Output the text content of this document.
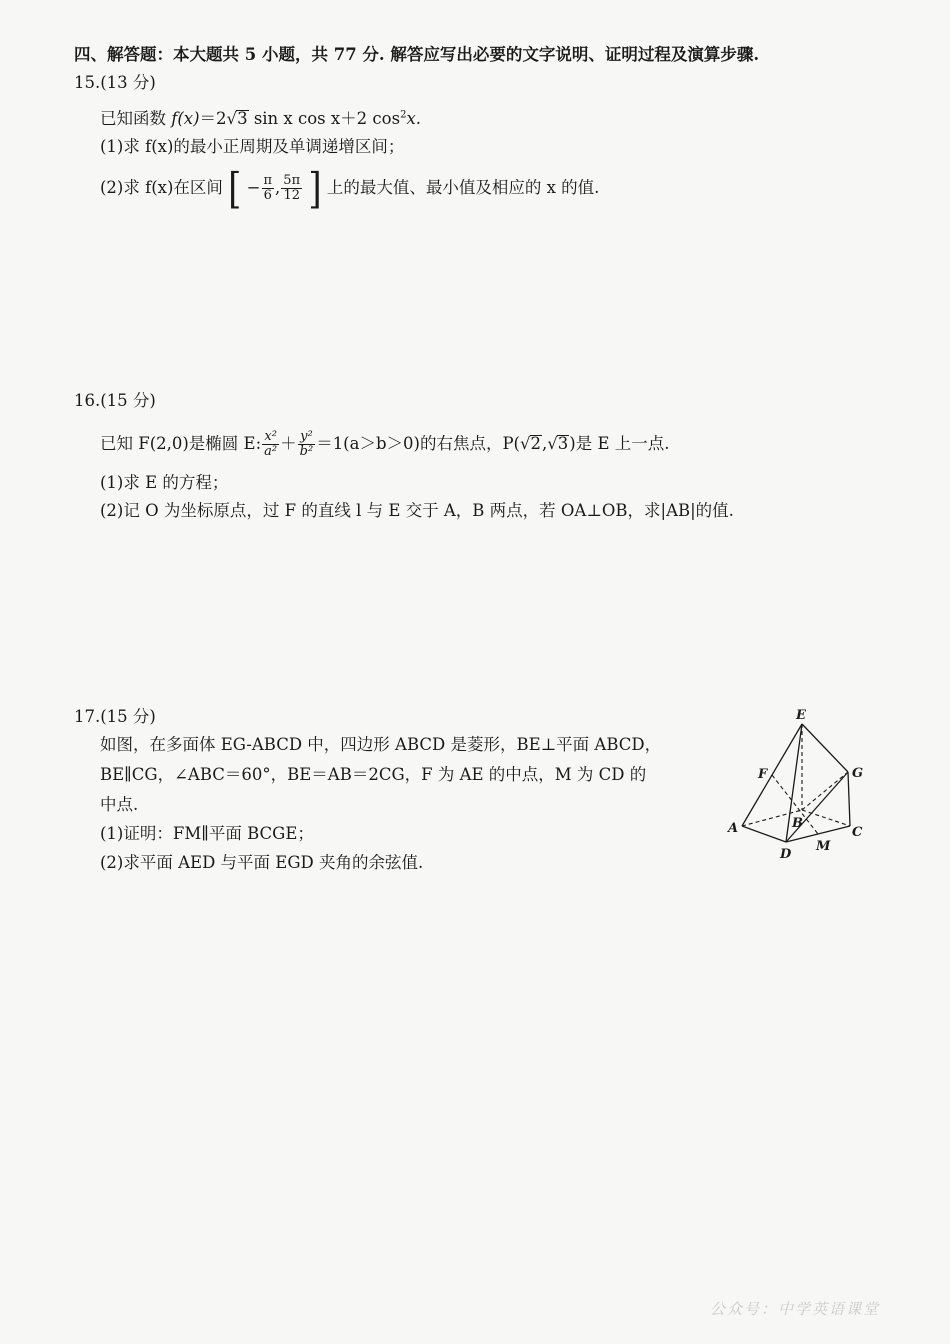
四、解答题：本大题共 5 小题，共 77 分. 解答应写出必要的文字说明、证明过程及演算步骤.
15.(13 分)
已知函数 f(x)＝2√3 sin x cos x＋2 $\cos^2x$.
(1)求 f(x)的最小正周期及单调递增区间；
(2)求 f(x)在区间 [ − $\frac{\pi}{6}$ , $\frac{5\pi}{12}$ ] 上的最大值、最小值及相应的 x 的值.
16.(15 分)
已知 F(2,0)是椭圆 E: $\frac{\text{x²}}{\text{a²}} + \frac{\text{y²}}{\text{b²}} =1(a>b>0)$的右焦点，P(√2,√3)是 E 上一点.
(1)求 E 的方程；
(2)记 O 为坐标原点，过 F 的直线 l 与 E 交于 A，B 两点，若 OA⊥OB，求|AB|的值.
17.(15 分)
如图，在多面体 EG-ABCD 中，四边形 ABCD 是菱形，BE⊥平面 ABCD，
BE∥CG，∠ABC＝60°，BE＝AB＝2CG，F 为 AE 的中点，M 为 CD 的
中点.
(1)证明：FM∥平面 BCGE；
(2)求平面 AED 与平面 EGD 夹角的余弦值.
E
F	G
A	B
C
D
M
公众号：中学英语课堂
